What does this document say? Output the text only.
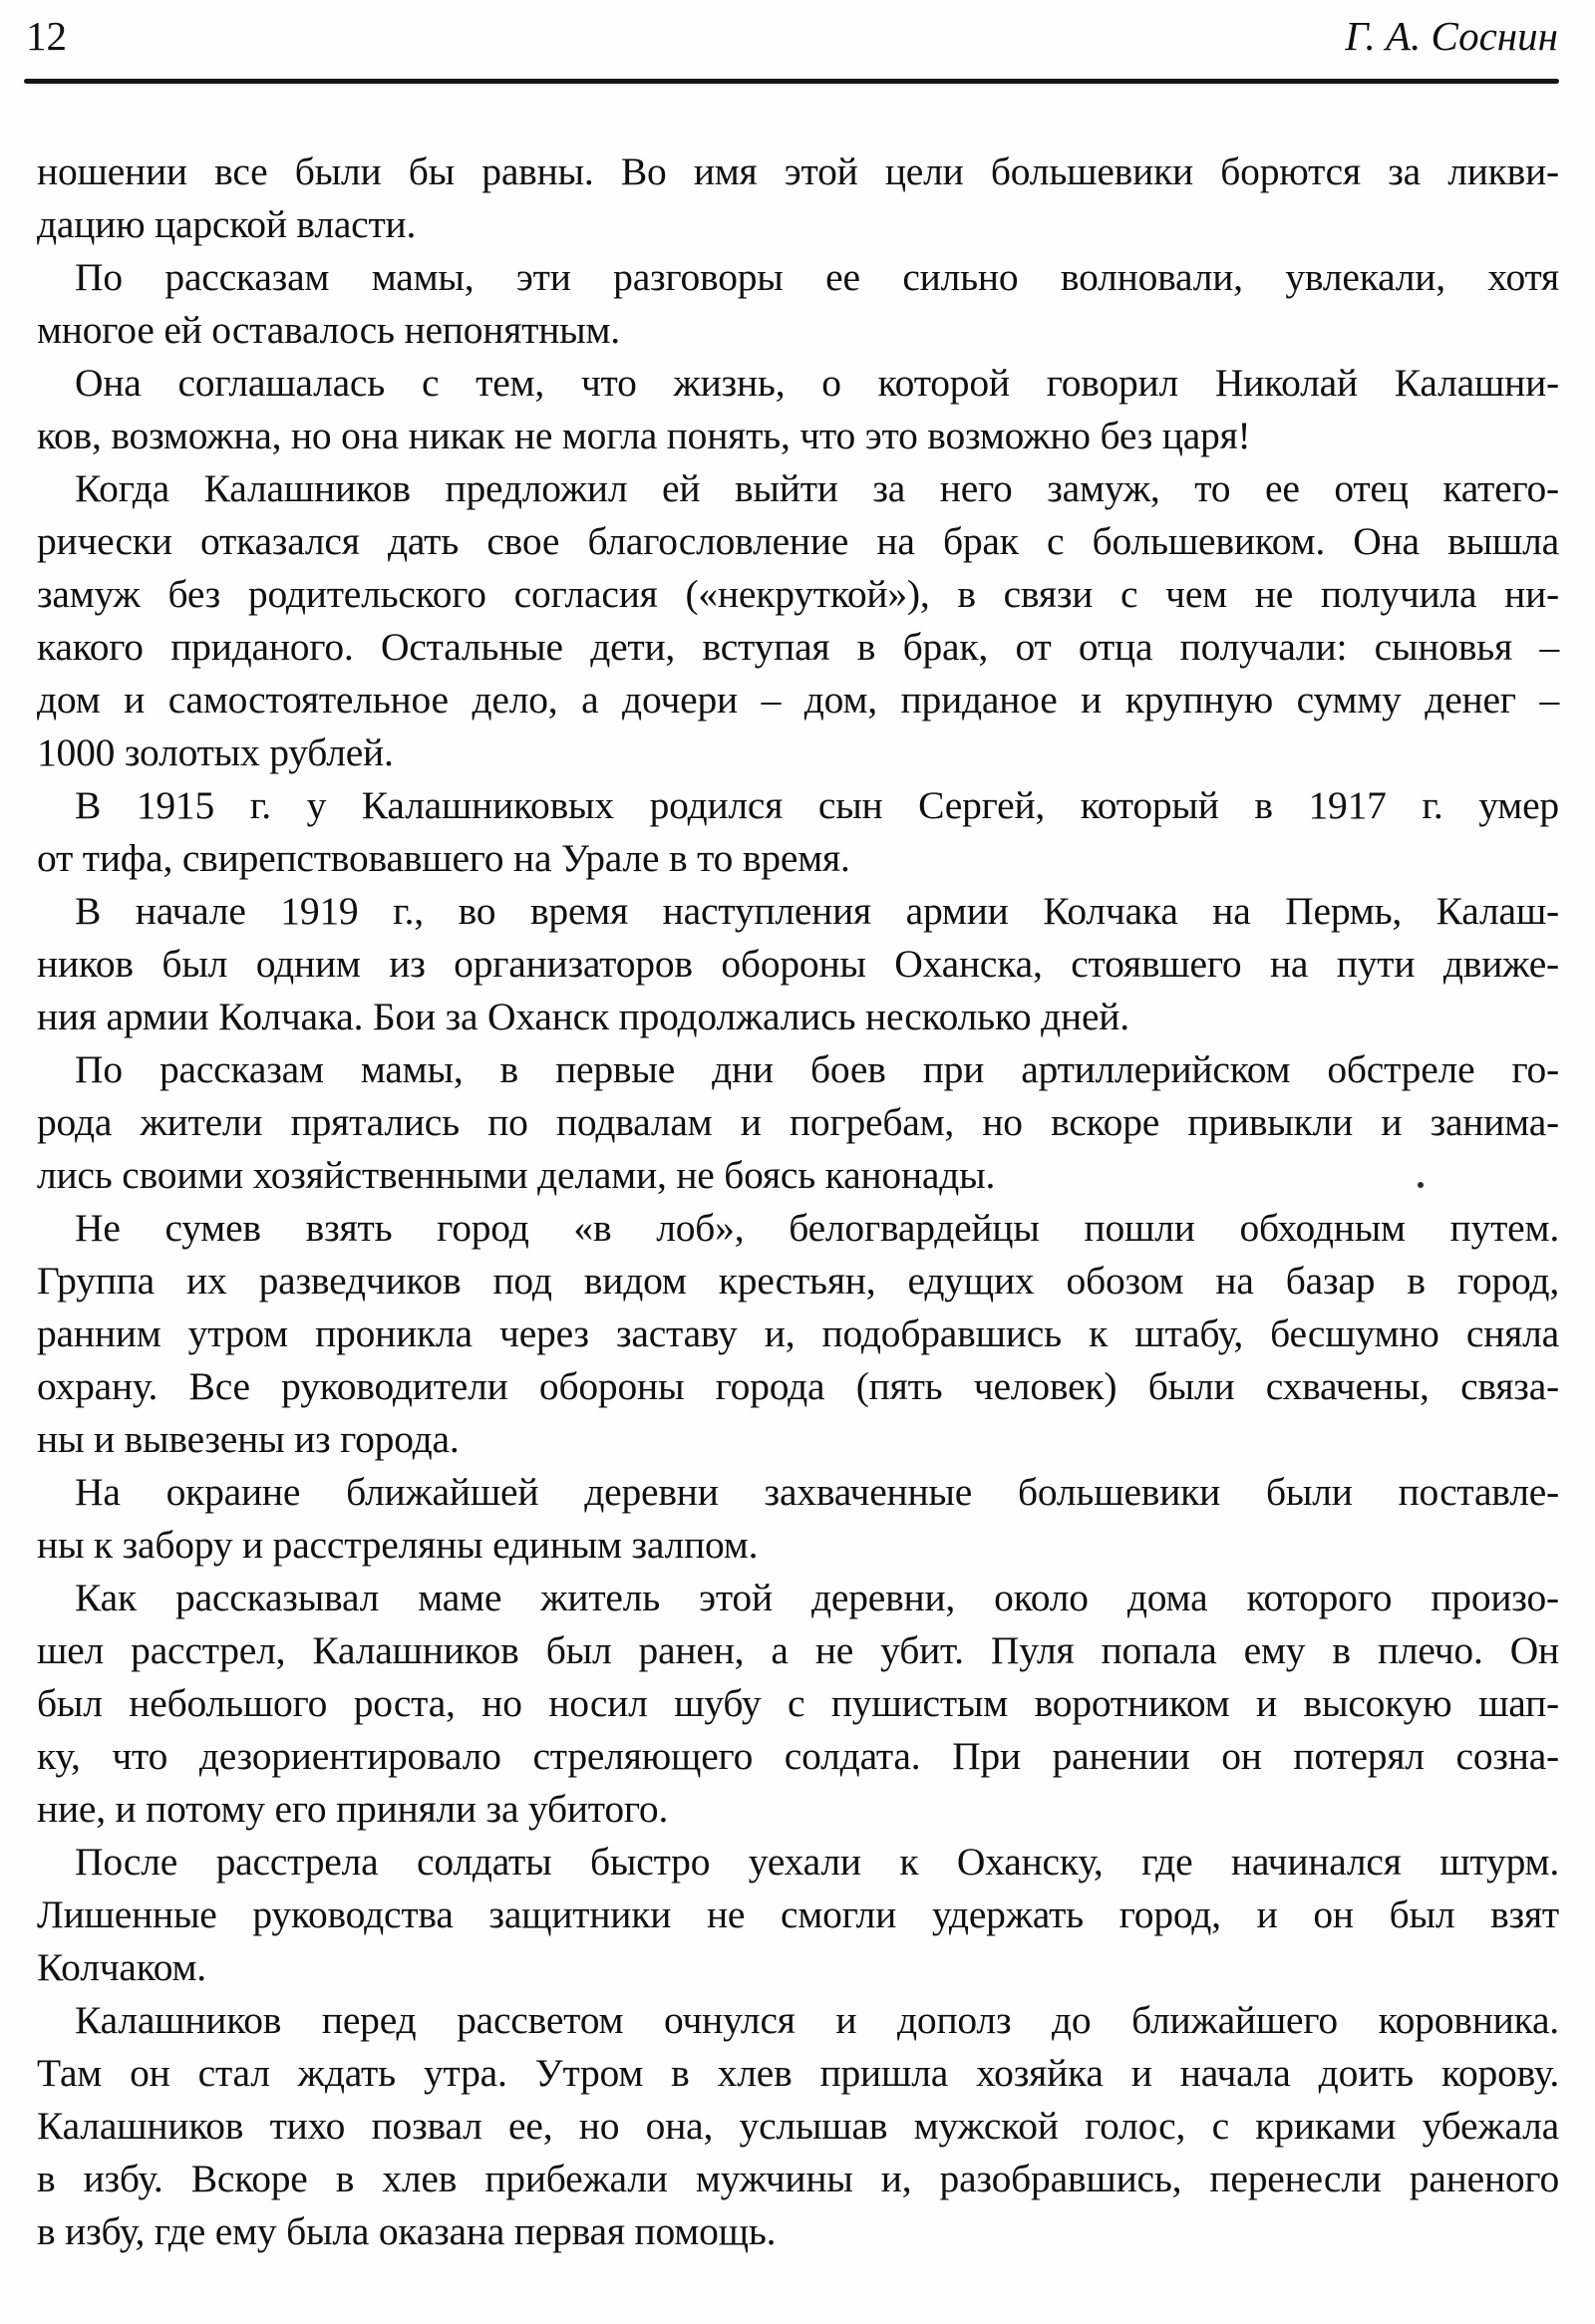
12	Г. А. Соснин
ношении все были бы равны. Во имя этой цели большевики борются за ликви-
дацию царской власти.
По рассказам мамы, эти разговоры ее сильно волновали, увлекали, хотя
многое ей оставалось непонятным.
Она соглашалась с тем, что жизнь, о которой говорил Николай Калашни-
ков, возможна, но она никак не могла понять, что это возможно без царя!
Когда Калашников предложил ей выйти за него замуж, то ее отец катего-
рически отказался дать свое благословление на брак с большевиком. Она вышла
замуж без родительского согласия («некруткой»), в связи с чем не получила ни-
какого приданого. Остальные дети, вступая в брак, от отца получали: сыновья –
дом и самостоятельное дело, а дочери – дом, приданое и крупную сумму денег –
1000 золотых рублей.
В 1915 г. у Калашниковых родился сын Сергей, который в 1917 г. умер
от тифа, свирепствовавшего на Урале в то время.
В начале 1919 г., во время наступления армии Колчака на Пермь, Калаш-
ников был одним из организаторов обороны Оханска, стоявшего на пути движе-
ния армии Колчака. Бои за Оханск продолжались несколько дней.
По рассказам мамы, в первые дни боев при артиллерийском обстреле го-
рода жители прятались по подвалам и погребам, но вскоре привыкли и занима-
лись своими хозяйственными делами, не боясь канонады.
Не сумев взять город «в лоб», белогвардейцы пошли обходным путем.
Группа их разведчиков под видом крестьян, едущих обозом на базар в город,
ранним утром проникла через заставу и, подобравшись к штабу, бесшумно сняла
охрану. Все руководители обороны города (пять человек) были схвачены, связа-
ны и вывезены из города.
На окраине ближайшей деревни захваченные большевики были поставле-
ны к забору и расстреляны единым залпом.
Как рассказывал маме житель этой деревни, около дома которого произо-
шел расстрел, Калашников был ранен, а не убит. Пуля попала ему в плечо. Он
был небольшого роста, но носил шубу с пушистым воротником и высокую шап-
ку, что дезориентировало стреляющего солдата. При ранении он потерял созна-
ние, и потому его приняли за убитого.
После расстрела солдаты быстро уехали к Оханску, где начинался штурм.
Лишенные руководства защитники не смогли удержать город, и он был взят
Колчаком.
Калашников перед рассветом очнулся и дополз до ближайшего коровника.
Там он стал ждать утра. Утром в хлев пришла хозяйка и начала доить корову.
Калашников тихо позвал ее, но она, услышав мужской голос, с криками убежала
в избу. Вскоре в хлев прибежали мужчины и, разобравшись, перенесли раненого
в избу, где ему была оказана первая помощь.
